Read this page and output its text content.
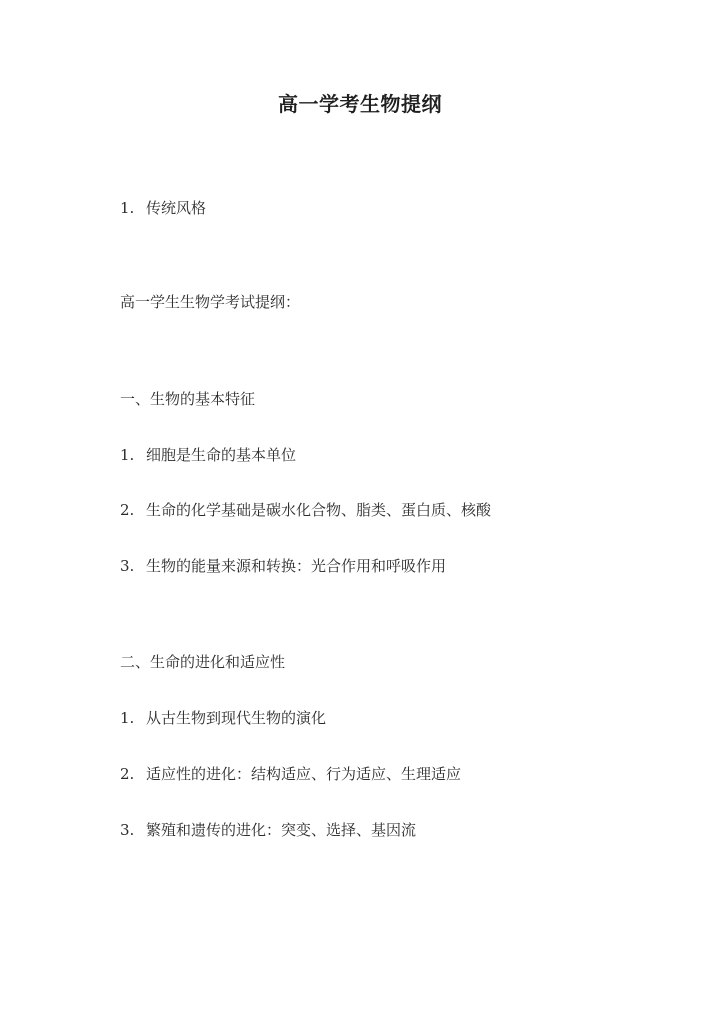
高一学考生物提纲

1. 传统风格

高一学生生物学考试提纲：

一、生物的基本特征

1. 细胞是生命的基本单位

2. 生命的化学基础是碳水化合物、脂类、蛋白质、核酸

3. 生物的能量来源和转换：光合作用和呼吸作用

二、生命的进化和适应性

1. 从古生物到现代生物的演化

2. 适应性的进化：结构适应、行为适应、生理适应

3. 繁殖和遗传的进化：突变、选择、基因流
